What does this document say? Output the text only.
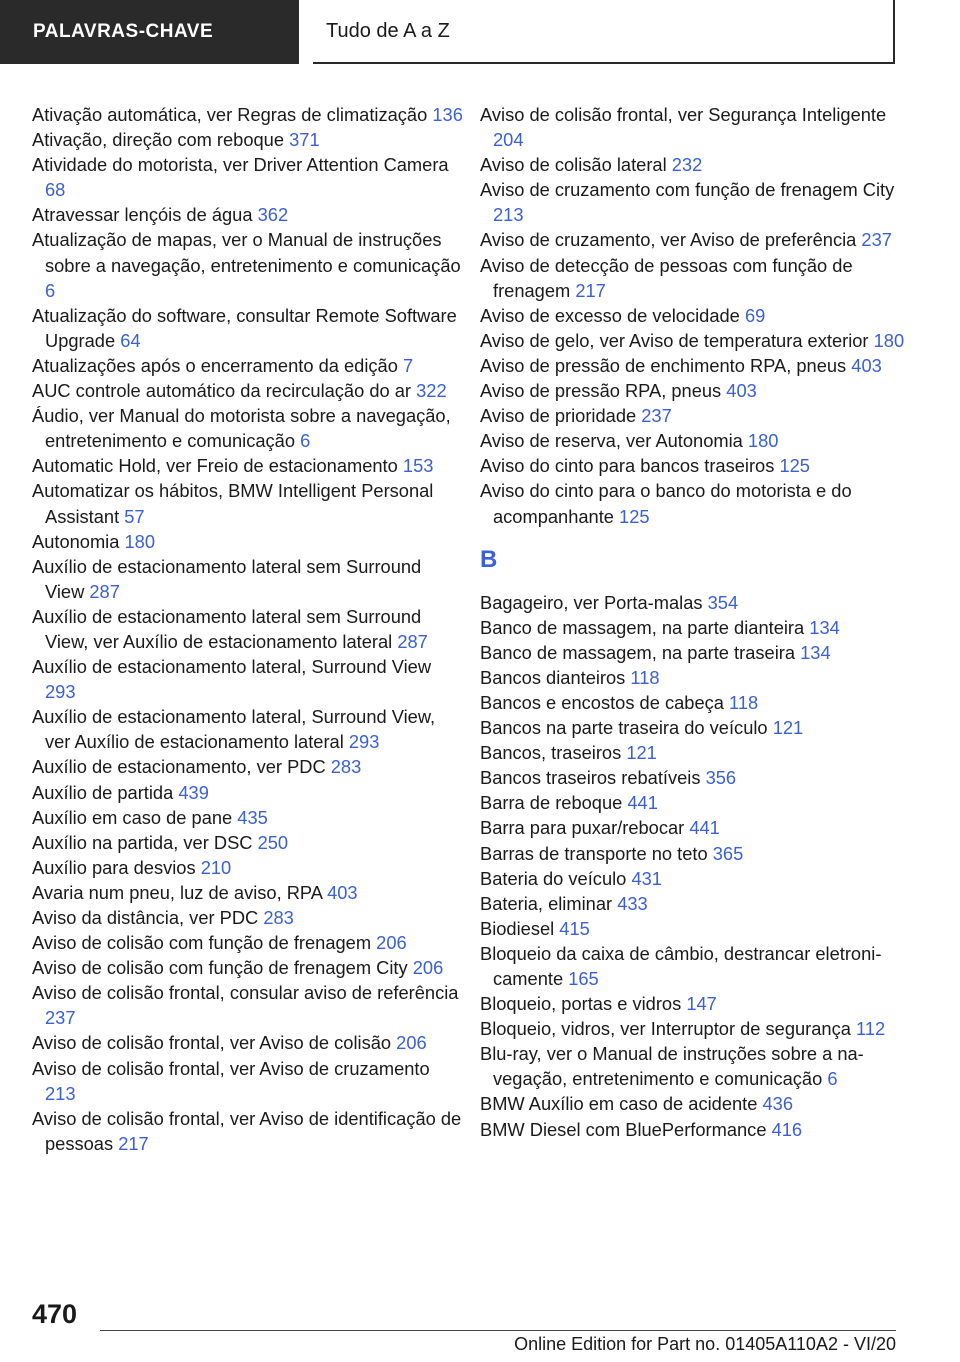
PALAVRAS-CHAVE	Tudo de A a Z

Ativação automática, ver Regras de climatização 136

Ativação, direção com reboque 371

Atividade do motorista, ver Driver Attention Camera 68

Atravessar lençóis de água 362

Atualização de mapas, ver o Manual de instruções sobre a navegação, entretenimento e comunicação 6

Atualização do software, consultar Remote Software Upgrade 64

Atualizações após o encerramento da edição 7

AUC controle automático da recirculação do ar 322

Áudio, ver Manual do motorista sobre a navegação, entretenimento e comunicação 6

Automatic Hold, ver Freio de estacionamento 153

Automatizar os hábitos, BMW Intelligent Personal Assistant 57

Autonomia 180

Auxílio de estacionamento lateral sem Surround View 287

Auxílio de estacionamento lateral sem Surround View, ver Auxílio de estacionamento lateral 287

Auxílio de estacionamento lateral, Surround View 293

Auxílio de estacionamento lateral, Surround View, ver Auxílio de estacionamento lateral 293

Auxílio de estacionamento, ver PDC 283

Auxílio de partida 439

Auxílio em caso de pane 435

Auxílio na partida, ver DSC 250

Auxílio para desvios 210

Avaria num pneu, luz de aviso, RPA 403

Aviso da distância, ver PDC 283

Aviso de colisão com função de frenagem 206

Aviso de colisão com função de frenagem City 206

Aviso de colisão frontal, consular aviso de referência 237

Aviso de colisão frontal, ver Aviso de colisão 206

Aviso de colisão frontal, ver Aviso de cruzamento 213

Aviso de colisão frontal, ver Aviso de identificação de pessoas 217

Aviso de colisão frontal, ver Segurança Inteligente 204

Aviso de colisão lateral 232

Aviso de cruzamento com função de frenagem City 213

Aviso de cruzamento, ver Aviso de preferência 237

Aviso de detecção de pessoas com função de frenagem 217

Aviso de excesso de velocidade 69

Aviso de gelo, ver Aviso de temperatura exterior 180

Aviso de pressão de enchimento RPA, pneus 403

Aviso de pressão RPA, pneus 403

Aviso de prioridade 237

Aviso de reserva, ver Autonomia 180

Aviso do cinto para bancos traseiros 125

Aviso do cinto para o banco do motorista e do acompanhante 125

B

Bagageiro, ver Porta-malas 354

Banco de massagem, na parte dianteira 134

Banco de massagem, na parte traseira 134

Bancos dianteiros 118

Bancos e encostos de cabeça 118

Bancos na parte traseira do veículo 121

Bancos, traseiros 121

Bancos traseiros rebatíveis 356

Barra de reboque 441

Barra para puxar/rebocar 441

Barras de transporte no teto 365

Bateria do veículo 431

Bateria, eliminar 433

Biodiesel 415

Bloqueio da caixa de câmbio, destrancar eletronicamente 165

Bloqueio, portas e vidros 147

Bloqueio, vidros, ver Interruptor de segurança 112

Blu-ray, ver o Manual de instruções sobre a navegação, entretenimento e comunicação 6

BMW Auxílio em caso de acidente 436

BMW Diesel com BluePerformance 416

470
Online Edition for Part no. 01405A110A2 - VI/20
